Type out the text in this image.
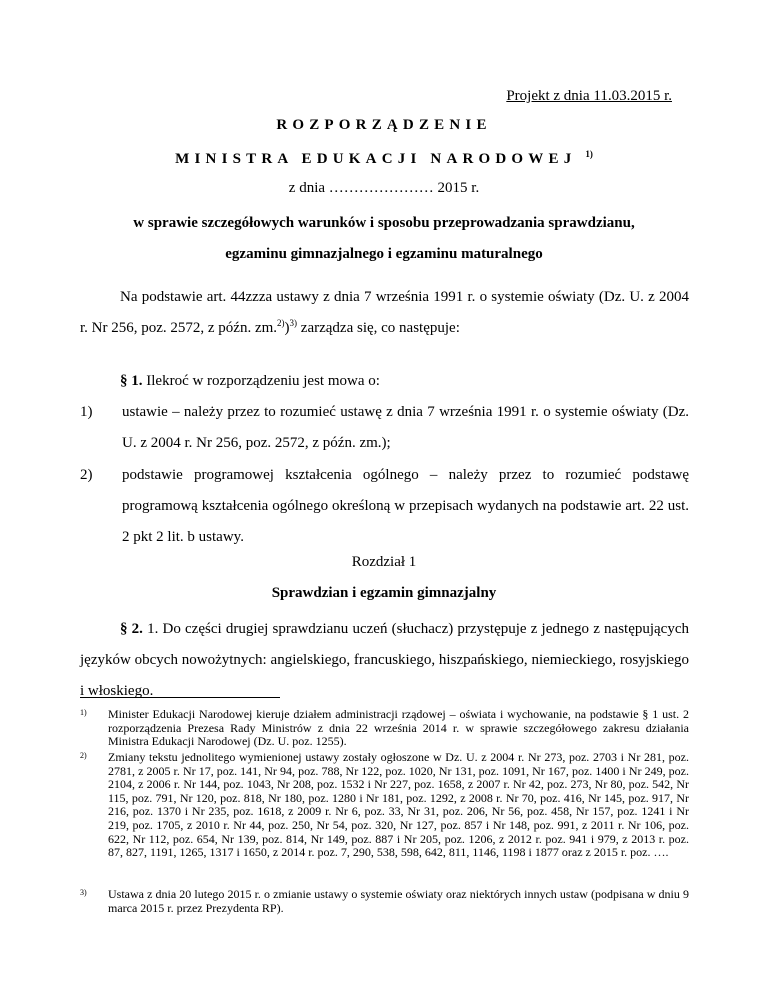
Projekt z dnia 11.03.2015 r.
ROZPORZĄDZENIE
MINISTRA EDUKACJI NARODOWEJ $^{1)}$
z dnia ………………… 2015 r.
w sprawie szczegółowych warunków i sposobu przeprowadzania sprawdzianu,
egzaminu gimnazjalnego i egzaminu maturalnego
Na podstawie art. 44zzza ustawy z dnia 7 września 1991 r. o systemie oświaty (Dz. U. z 2004 r. Nr 256, poz. 2572, z późn. zm.$^{2)}$)$^{3)}$ zarządza się, co następuje:
§ 1. Ilekroć w rozporządzeniu jest mowa o:
1) ustawie – należy przez to rozumieć ustawę z dnia 7 września 1991 r. o systemie oświaty (Dz. U. z 2004 r. Nr 256, poz. 2572, z późn. zm.);
2) podstawie programowej kształcenia ogólnego – należy przez to rozumieć podstawę programową kształcenia ogólnego określoną w przepisach wydanych na podstawie art. 22 ust. 2 pkt 2 lit. b ustawy.
Rozdział 1
Sprawdzian i egzamin gimnazjalny
§ 2. 1. Do części drugiej sprawdzianu uczeń (słuchacz) przystępuje z jednego z następujących języków obcych nowożytnych: angielskiego, francuskiego, hiszpańskiego, niemieckiego, rosyjskiego i włoskiego.
1) Minister Edukacji Narodowej kieruje działem administracji rządowej – oświata i wychowanie, na podstawie § 1 ust. 2 rozporządzenia Prezesa Rady Ministrów z dnia 22 września 2014 r. w sprawie szczegółowego zakresu działania Ministra Edukacji Narodowej (Dz. U. poz. 1255).
2) Zmiany tekstu jednolitego wymienionej ustawy zostały ogłoszone w Dz. U. z 2004 r. Nr 273, poz. 2703 i Nr 281, poz. 2781, z 2005 r. Nr 17, poz. 141, Nr 94, poz. 788, Nr 122, poz. 1020, Nr 131, poz. 1091, Nr 167, poz. 1400 i Nr 249, poz. 2104, z 2006 r. Nr 144, poz. 1043, Nr 208, poz. 1532 i Nr 227, poz. 1658, z 2007 r. Nr 42, poz. 273, Nr 80, poz. 542, Nr 115, poz. 791, Nr 120, poz. 818, Nr 180, poz. 1280 i Nr 181, poz. 1292, z 2008 r. Nr 70, poz. 416, Nr 145, poz. 917, Nr 216, poz. 1370 i Nr 235, poz. 1618, z 2009 r. Nr 6, poz. 33, Nr 31, poz. 206, Nr 56, poz. 458, Nr 157, poz. 1241 i Nr 219, poz. 1705, z 2010 r. Nr 44, poz. 250, Nr 54, poz. 320, Nr 127, poz. 857 i Nr 148, poz. 991, z 2011 r. Nr 106, poz. 622, Nr 112, poz. 654, Nr 139, poz. 814, Nr 149, poz. 887 i Nr 205, poz. 1206, z 2012 r. poz. 941 i 979, z 2013 r. poz. 87, 827, 1191, 1265, 1317 i 1650, z 2014 r. poz. 7, 290, 538, 598, 642, 811, 1146, 1198 i 1877 oraz z 2015 r. poz. ….
3) Ustawa z dnia 20 lutego 2015 r. o zmianie ustawy o systemie oświaty oraz niektórych innych ustaw (podpisana w dniu 9 marca 2015 r. przez Prezydenta RP).
